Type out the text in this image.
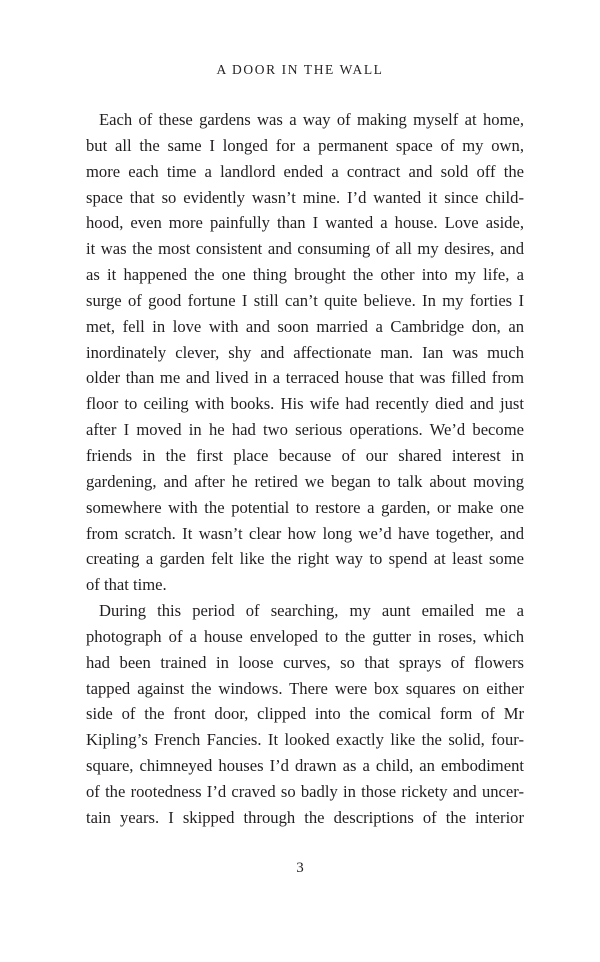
A DOOR IN THE WALL
Each of these gardens was a way of making myself at home,
but all the same I longed for a permanent space of my own,
more each time a landlord ended a contract and sold off the
space that so evidently wasn’t mine. I’d wanted it since child-
hood, even more painfully than I wanted a house. Love aside,
it was the most consistent and consuming of all my desires, and
as it happened the one thing brought the other into my life, a
surge of good fortune I still can’t quite believe. In my forties I
met, fell in love with and soon married a Cambridge don, an
inordinately clever, shy and affectionate man. Ian was much
older than me and lived in a terraced house that was filled from
floor to ceiling with books. His wife had recently died and just
after I moved in he had two serious operations. We’d become
friends in the first place because of our shared interest in
gardening, and after he retired we began to talk about moving
somewhere with the potential to restore a garden, or make one
from scratch. It wasn’t clear how long we’d have together, and
creating a garden felt like the right way to spend at least some
of that time.
During this period of searching, my aunt emailed me a
photograph of a house enveloped to the gutter in roses, which
had been trained in loose curves, so that sprays of flowers
tapped against the windows. There were box squares on either
side of the front door, clipped into the comical form of Mr
Kipling’s French Fancies. It looked exactly like the solid, four-
square, chimneyed houses I’d drawn as a child, an embodiment
of the rootedness I’d craved so badly in those rickety and uncer-
tain years. I skipped through the descriptions of the interior
3
